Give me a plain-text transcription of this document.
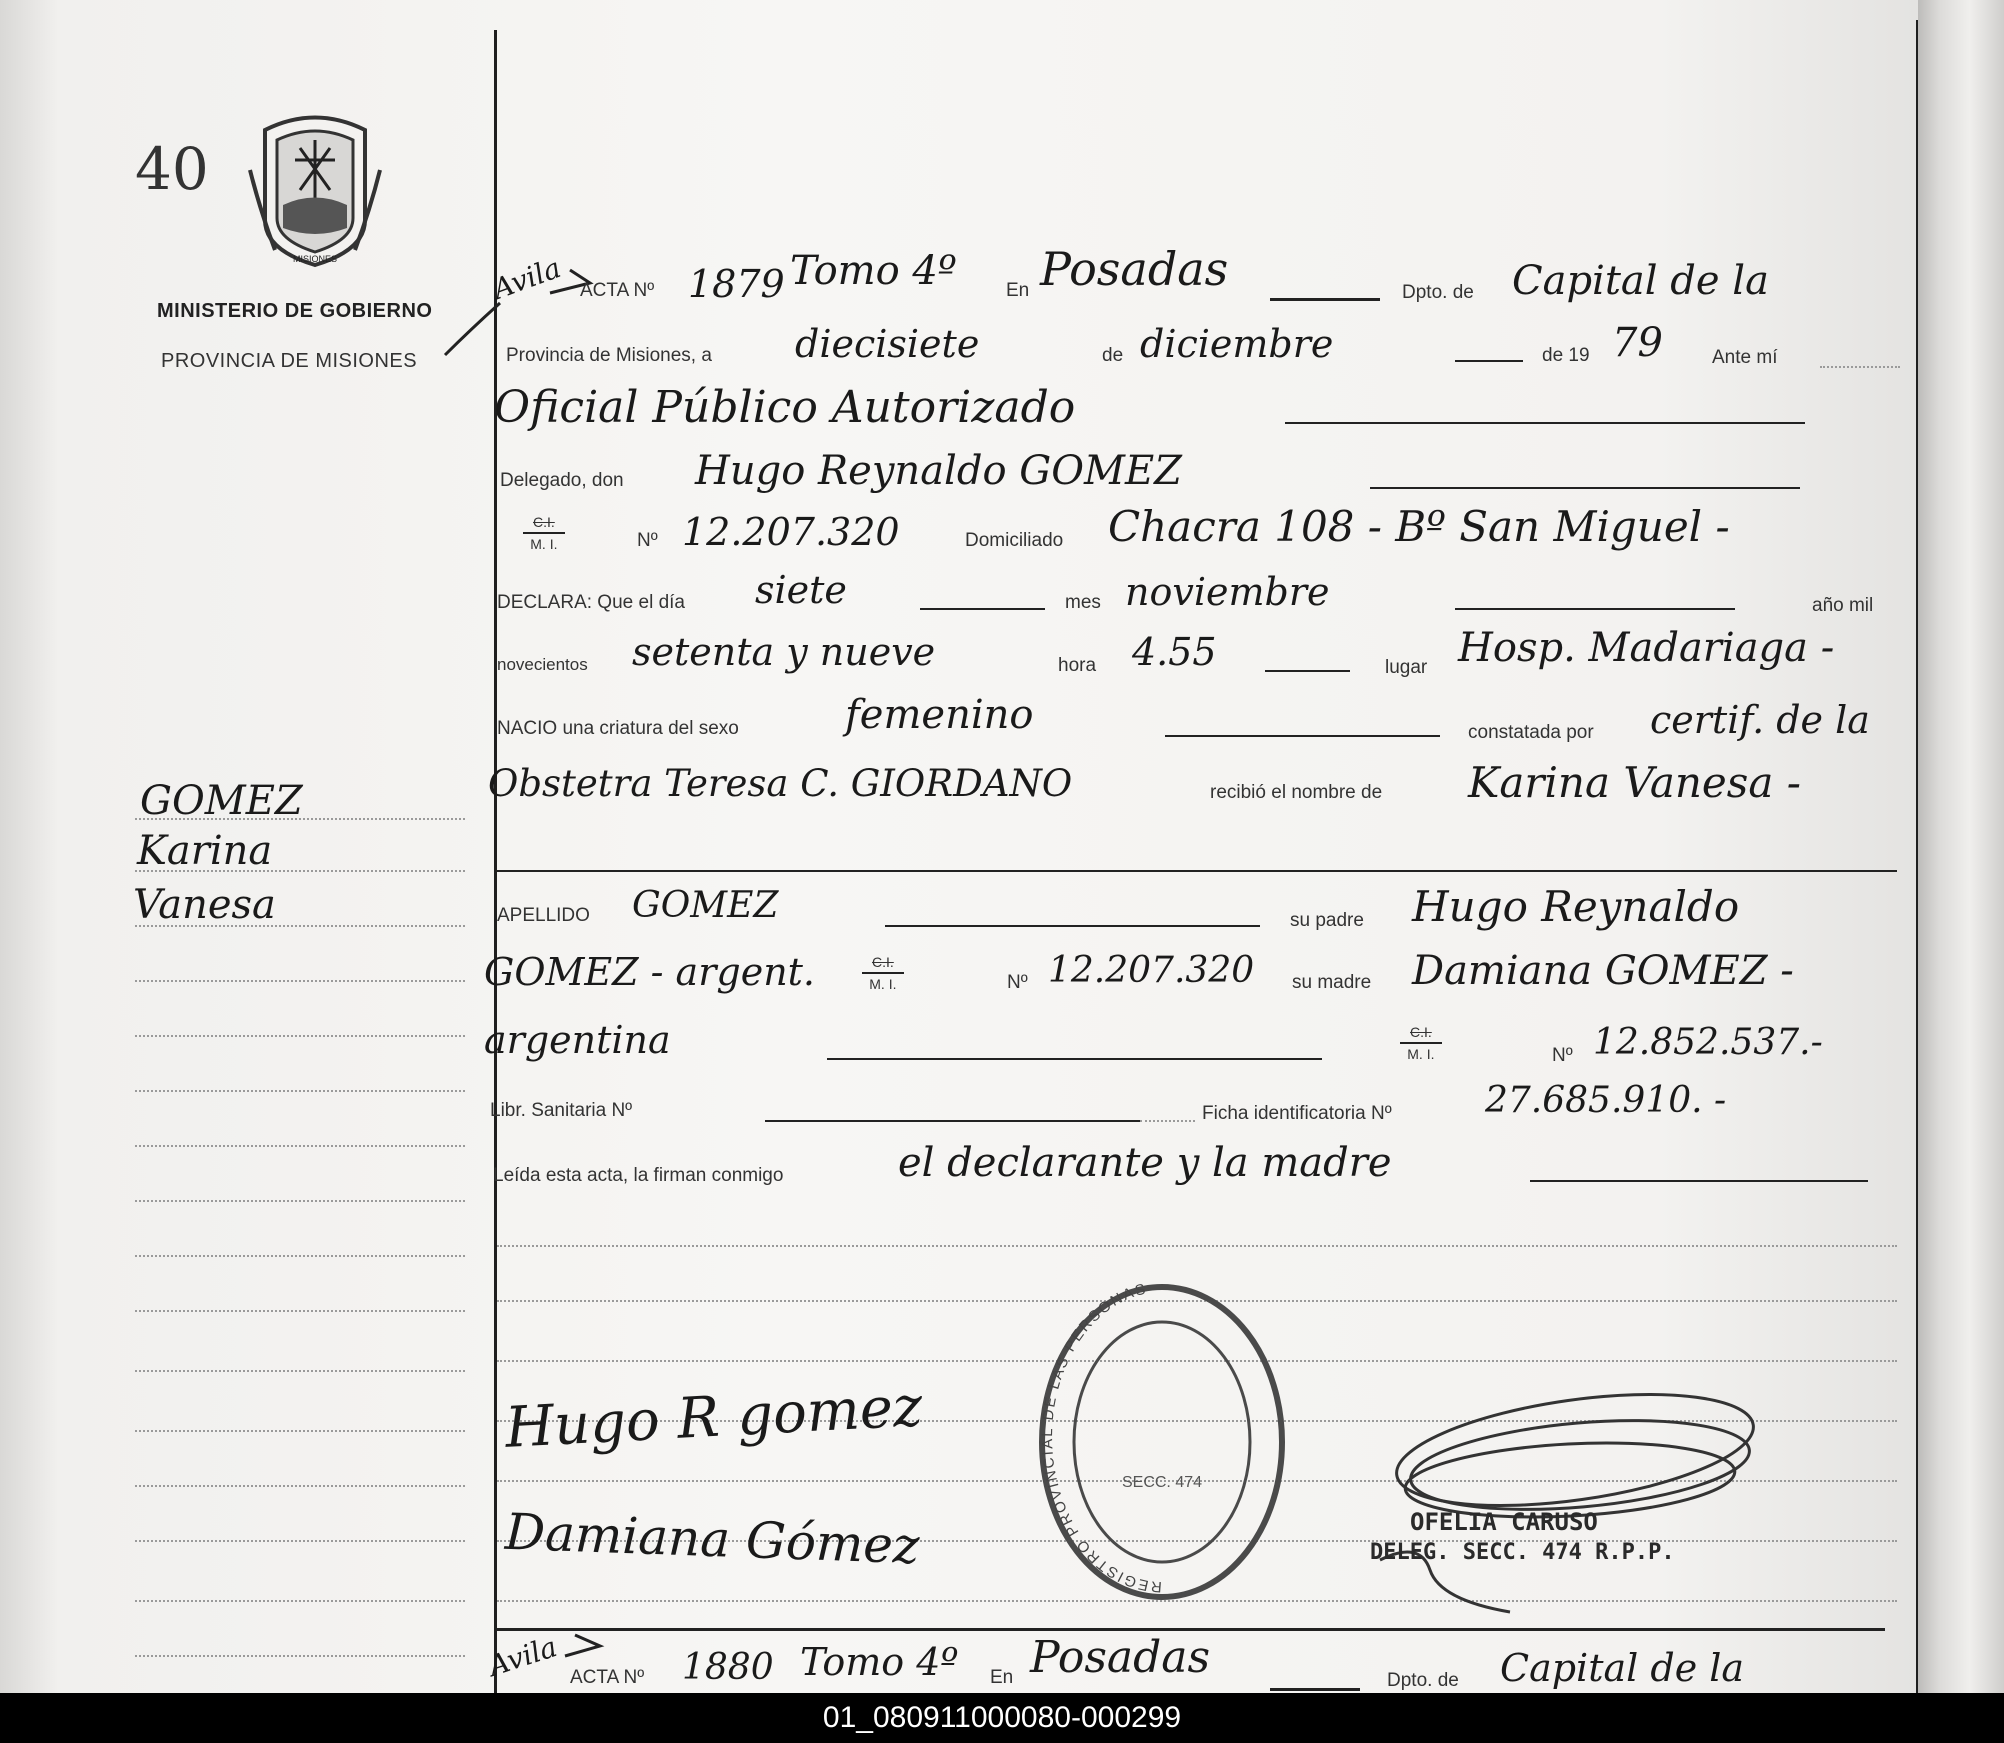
40
MISIONES
MINISTERIO DE GOBIERNO
PROVINCIA DE MISIONES
GOMEZ
Karina
Vanesa
Avila ACTA Nº 1879 Tomo 4º	En Posadas	Dpto. de Capital de la
Provincia de Misiones, a diecisiete	de diciembre	de 19 79	Ante mí
Oficial Público Autorizado
Delegado, don Hugo Reynaldo GOMEZ
C.I.
M. I.	Nº 12.207.320	Domiciliado Chacra 108 - Bº San Miguel -
DECLARA: Que el día siete	mes noviembre	año mil
novecientos setenta y nueve	hora 4.55	lugar Hosp. Madariaga -
NACIO una criatura del sexo	femenino	constatada por certif. de la
Obstetra Teresa C. GIORDANO	recibió el nombre de Karina Vanesa -
APELLIDO GOMEZ	su padre Hugo Reynaldo
GOMEZ - argent.	C.I.
M. I.	Nº 12.207.320 su madre Damiana GOMEZ -
argentina	C.I.
M. I.	Nº 12.852.537.-
Libr. Sanitaria Nº	Ficha identificatoria Nº	27.685.910. -
Leída esta acta, la firman conmigo	el declarante y la madre
Hugo R gomez
Damiana Gómez
REGISTRO PROVINCIAL DE LAS PERSONAS
SECC. 474
OFELIA CARUSO
DELEG. SECC. 474 R.P.P.
Avila ACTA Nº 1880 Tomo 4º En Posadas	Dpto. de Capital de la
01_080911000080-000299
